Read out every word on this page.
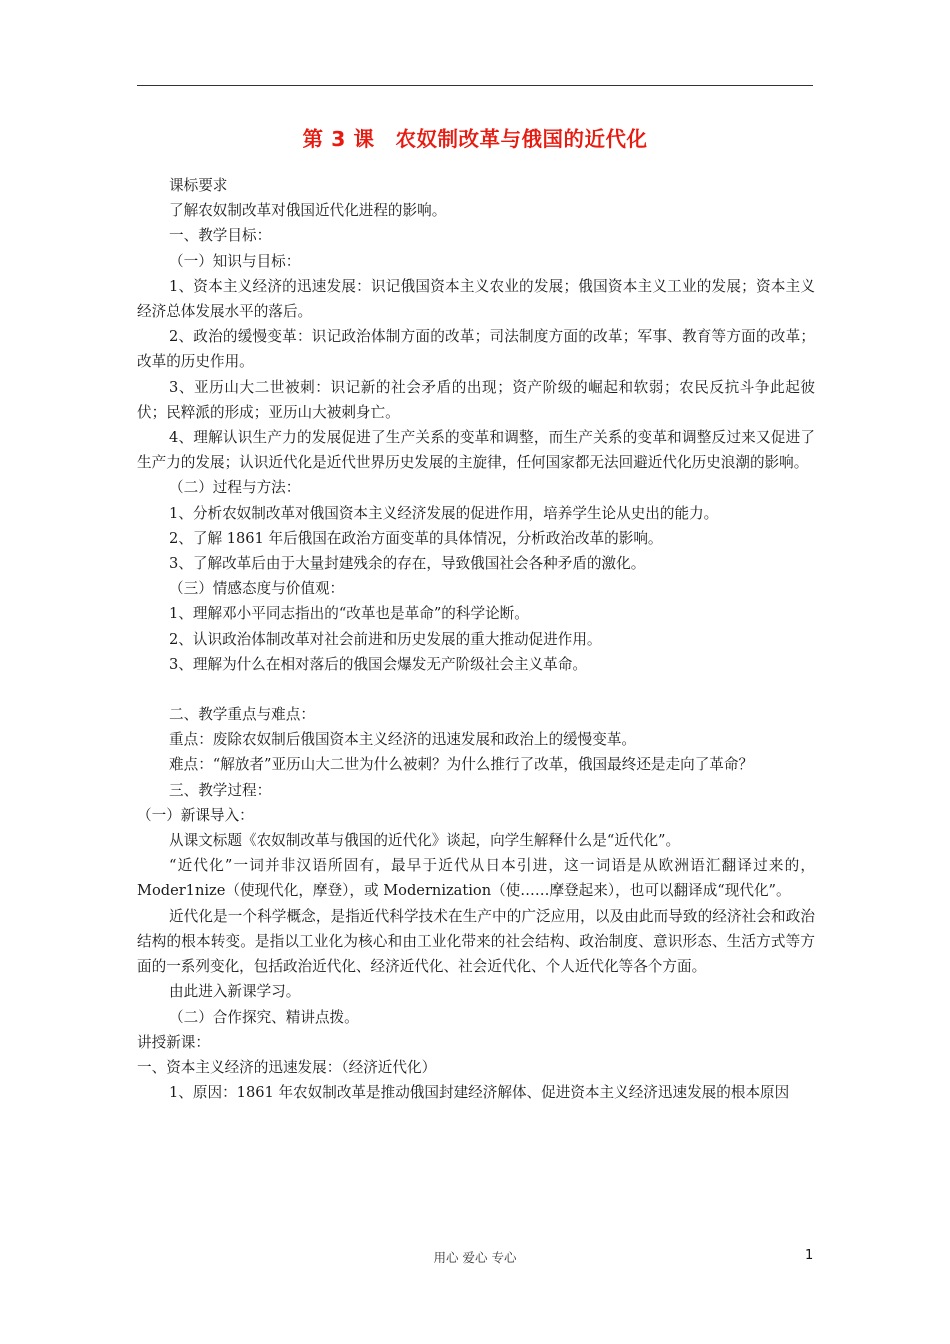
第 3 课　农奴制改革与俄国的近代化

课标要求

了解农奴制改革对俄国近代化进程的影响。

一、教学目标：

（一）知识与目标：

1、资本主义经济的迅速发展：识记俄国资本主义农业的发展；俄国资本主义工业的发展；资本主义经济总体发展水平的落后。

2、政治的缓慢变革：识记政治体制方面的改革；司法制度方面的改革；军事、教育等方面的改革；改革的历史作用。

3、亚历山大二世被刺：识记新的社会矛盾的出现；资产阶级的崛起和软弱；农民反抗斗争此起彼伏；民粹派的形成；亚历山大被刺身亡。

4、理解认识生产力的发展促进了生产关系的变革和调整，而生产关系的变革和调整反过来又促进了生产力的发展；认识近代化是近代世界历史发展的主旋律，任何国家都无法回避近代化历史浪潮的影响。

（二）过程与方法：

1、分析农奴制改革对俄国资本主义经济发展的促进作用，培养学生论从史出的能力。

2、了解 1861 年后俄国在政治方面变革的具体情况，分析政治改革的影响。

3、了解改革后由于大量封建残余的存在，导致俄国社会各种矛盾的激化。

（三）情感态度与价值观：

1、理解邓小平同志指出的“改革也是革命”的科学论断。

2、认识政治体制改革对社会前进和历史发展的重大推动促进作用。

3、理解为什么在相对落后的俄国会爆发无产阶级社会主义革命。

二、教学重点与难点：

重点：废除农奴制后俄国资本主义经济的迅速发展和政治上的缓慢变革。

难点：“解放者”亚历山大二世为什么被刺？为什么推行了改革，俄国最终还是走向了革命？

三、教学过程：

（一）新课导入：

从课文标题《农奴制改革与俄国的近代化》谈起，向学生解释什么是“近代化”。

“近代化”一词并非汉语所固有，最早于近代从日本引进，这一词语是从欧洲语汇翻译过来的，Moder1nize（使现代化，摩登），或 Modernization（使……摩登起来），也可以翻译成“现代化”。

近代化是一个科学概念，是指近代科学技术在生产中的广泛应用，以及由此而导致的经济社会和政治结构的根本转变。是指以工业化为核心和由工业化带来的社会结构、政治制度、意识形态、生活方式等方面的一系列变化，包括政治近代化、经济近代化、社会近代化、个人近代化等各个方面。

由此进入新课学习。

（二）合作探究、精讲点拨。

讲授新课：

一、资本主义经济的迅速发展：（经济近代化）

1、原因：1861 年农奴制改革是推动俄国封建经济解体、促进资本主义经济迅速发展的根本原因

用心 爱心 专心	1
